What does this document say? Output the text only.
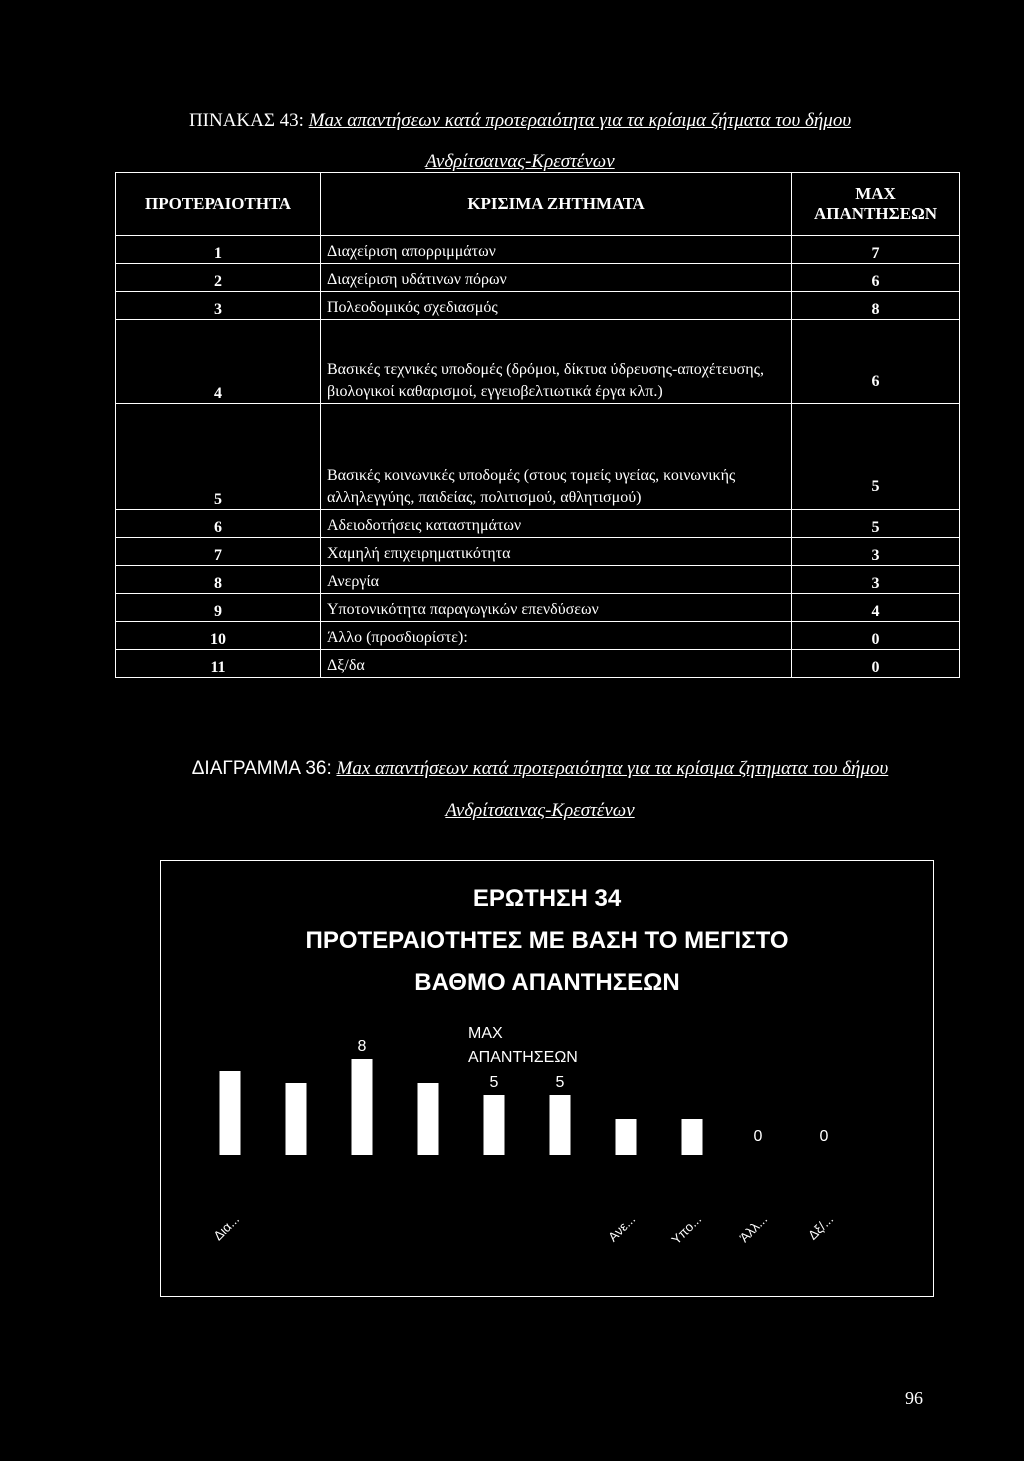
ΠΙΝΑΚΑΣ 43: Max απαντήσεων κατά προτεραιότητα για τα κρίσιμα ζήτματα του δήμου Ανδρίτσαινας-Κρεστένων
ΠΡΟΤΕΡΑΙΟΤΗΤΑ	ΚΡΙΣΙΜΑ ΖΗΤΗΜΑΤΑ	MAX ΑΠΑΝΤΗΣΕΩΝ
1	Διαχείριση απορριμμάτων	7
2	Διαχείριση υδάτινων πόρων	6
3	Πολεοδομικός σχεδιασμός	8
4	Βασικές τεχνικές υποδομές (δρόμοι, δίκτυα ύδρευσης-αποχέτευσης, βιολογικοί καθαρισμοί, εγγειοβελτιωτικά έργα κλπ.)	6
5	Βασικές κοινωνικές υποδομές (στους τομείς υγείας, κοινωνικής αλληλεγγύης, παιδείας, πολιτισμού, αθλητισμού)	5
6	Αδειοδοτήσεις καταστημάτων	5
7	Χαμηλή επιχειρηματικότητα	3
8	Ανεργία	3
9	Υποτονικότητα παραγωγικών επενδύσεων	4
10	Άλλο (προσδιορίστε):	0
11	Δξ/δα	0
ΔΙΑΓΡΑΜΜΑ 36: Max απαντήσεων κατά προτεραιότητα για τα κρίσιμα ζητηματα του δήμου Ανδρίτσαινας-Κρεστένων
ΕΡΩΤΗΣΗ 34
ΠΡΟΤΕΡΑΙΟΤΗΤΕΣ ΜΕ ΒΑΣΗ ΤΟ ΜΕΓΙΣΤΟ
ΒΑΘΜΟ ΑΠΑΝΤΗΣΕΩΝ
MAX
ΑΠΑΝΤΗΣΕΩΝ
Δια...
8
5	5
Ανε... Υπο...
0
Άλλ...
0
Δξ/...
96
